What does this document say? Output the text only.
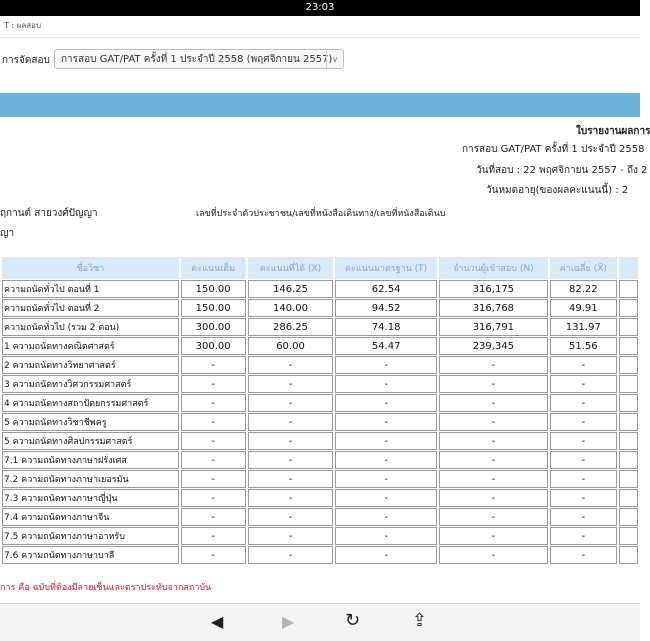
23:03
T : ผลสอบ
การจัดสอบ	การสอบ GAT/PAT ครั้งที่ 1 ประจำปี 2558 (พฤศจิกายน 2557) ∨
ใบรายงานผลการ
การสอบ GAT/PAT ครั้งที่ 1 ประจำปี 2558
วันที่สอบ : 22 พฤศจิกายน 2557 - ถึง 2
วันหมดอายุ(ของผลคะแนนนี้) : 2
ฤกานต์ สายวงศ์ปัญญา	เลขที่ประจำตัวประชาชน/เลขที่หนังสือเดินทาง/เลขที่หนังสือเดินบ
ญา
ชื่อวิชา	คะแนนเต็ม	คะแนนที่ได้ (X)	คะแนนมาตรฐาน (T)	จำนวนผู้เข้าสอบ (N)	ค่าเฉลี่ย (X̄)	
ความถนัดทั่วไป ตอนที่ 1	150.00	146.25	62.54	316,175	82.22	
ความถนัดทั่วไป ตอนที่ 2	150.00	140.00	94.52	316,768	49.91	
ความถนัดทั่วไป (รวม 2 ตอน)	300.00	286.25	74.18	316,791	131.97	
1 ความถนัดทางคณิตศาสตร์	300.00	60.00	54.47	239,345	51.56	
2 ความถนัดทางวิทยาศาสตร์	-	-	-	-	-	
3 ความถนัดทางวิศวกรรมศาสตร์	-	-	-	-	-	
4 ความถนัดทางสถาปัตยกรรมศาสตร์	-	-	-	-	-	
5 ความถนัดทางวิชาชีพครู	-	-	-	-	-	
5 ความถนัดทางศิลปกรรมศาสตร์	-	-	-	-	-	
7.1 ความถนัดทางภาษาฝรั่งเศส	-	-	-	-	-	
7.2 ความถนัดทางภาษาเยอรมัน	-	-	-	-	-	
7.3 ความถนัดทางภาษาญี่ปุ่น	-	-	-	-	-	
7.4 ความถนัดทางภาษาจีน	-	-	-	-	-	
7.5 ความถนัดทางภาษาอาหรับ	-	-	-	-	-	
7.6 ความถนัดทางภาษาบาลี	-	-	-	-	-	
การ คือ ฉบับที่ต้องมีลายเซ็นและตราประทับจากสถาบัน
◀	▶	↻	⇪
